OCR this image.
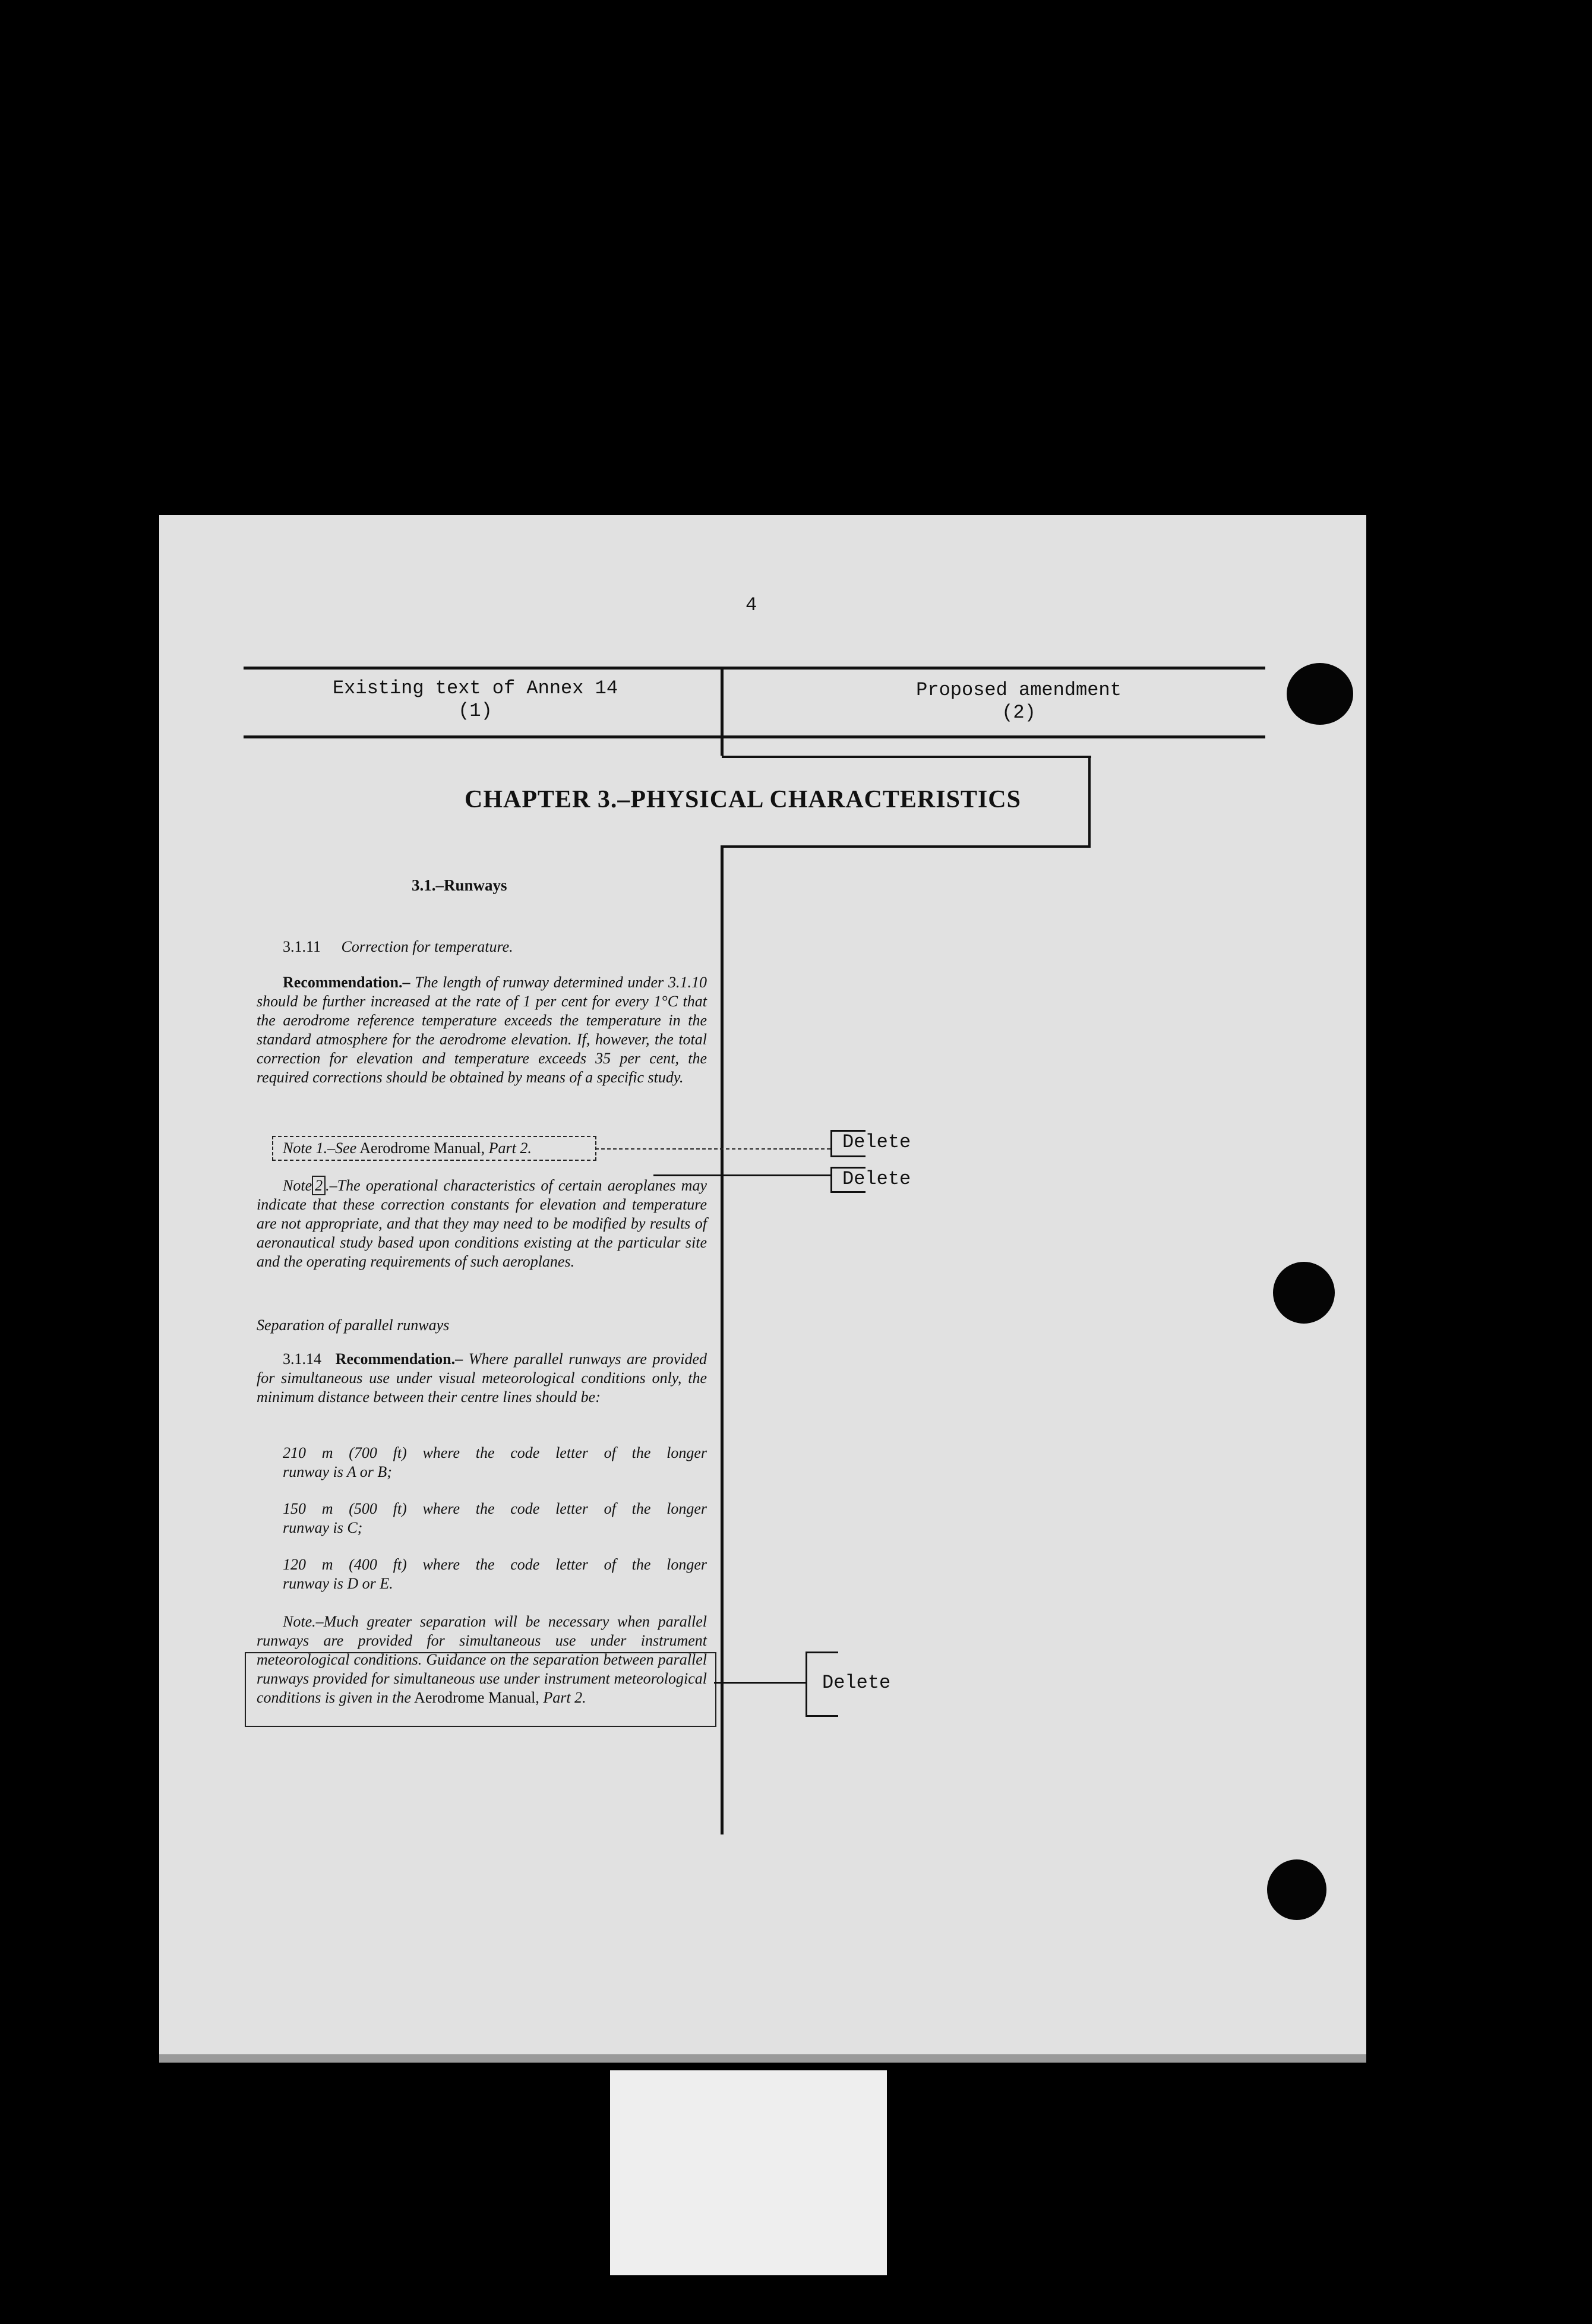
4
Existing text of Annex 14
(1)
Proposed amendment
(2)
CHAPTER 3.–PHYSICAL CHARACTERISTICS
3.1.–Runways
3.1.11 Correction for temperature.
Recommendation.– The length of runway determined under 3.1.10 should be further increased at the rate of 1 per cent for every 1°C that the aerodrome reference temperature exceeds the temperature in the standard atmosphere for the aerodrome elevation. If, however, the total correction for elevation and temperature exceeds 35 per cent, the required corrections should be obtained by means of a specific study.
Note 1.–See Aerodrome Manual, Part 2.
Note 2 .–The operational characteristics of certain aeroplanes may indicate that these correction constants for elevation and temperature are not appropriate, and that they may need to be modified by results of aeronautical study based upon conditions existing at the particular site and the operating requirements of such aeroplanes.
Separation of parallel runways
3.1.14 Recommendation.– Where parallel runways are provided for simultaneous use under visual meteorological conditions only, the minimum distance between their centre lines should be:
210 m (700 ft) where the code letter of the longer
runway is A or B;
150 m (500 ft) where the code letter of the longer
runway is C;
120 m (400 ft) where the code letter of the longer
runway is D or E.
Note.–Much greater separation will be necessary when parallel runways are provided for simultaneous use under instrument meteorological conditions. Guidance on the separation between parallel runways provided for simultaneous use under instrument meteorological conditions is given in the Aerodrome Manual, Part 2.
Delete
Delete
Delete
